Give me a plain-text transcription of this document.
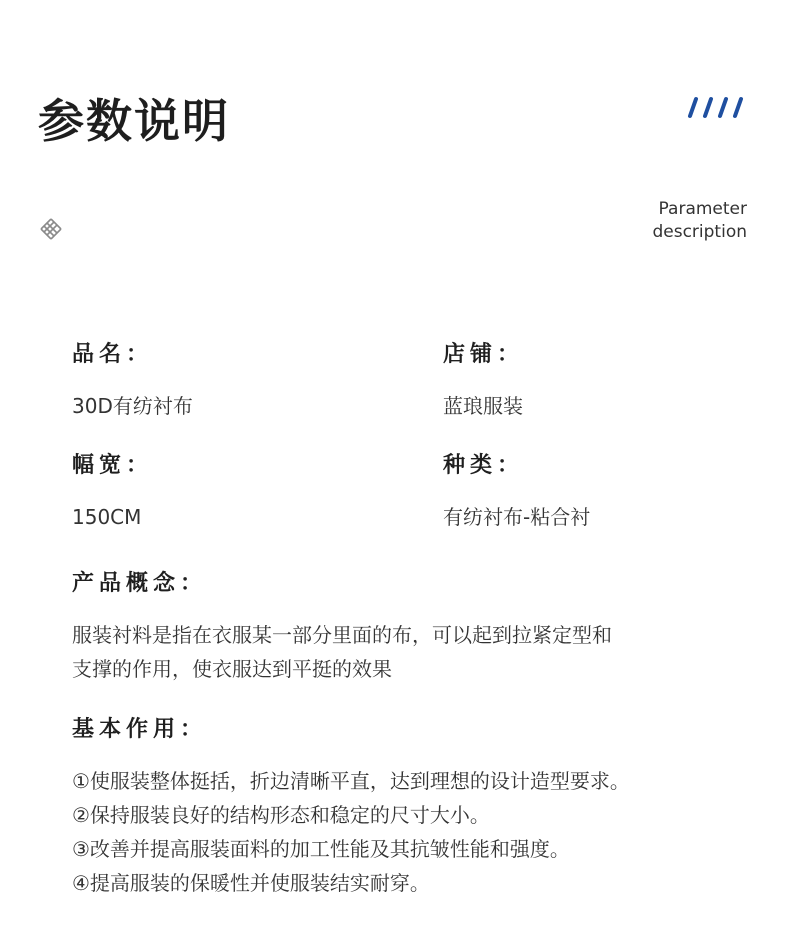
参数说明
Parameter
description
品名：

30D有纺衬布

店铺：

蓝琅服装

幅宽：

150CM

种类：

有纺衬布-粘合衬

产品概念：
服装衬料是指在衣服某一部分里面的布，可以起到拉紧定型和
支撑的作用，使衣服达到平挺的效果
基本作用：
①使服装整体挺括，折边清晰平直，达到理想的设计造型要求。
②保持服装良好的结构形态和稳定的尺寸大小。
③改善并提高服装面料的加工性能及其抗皱性能和强度。
④提高服装的保暖性并使服装结实耐穿。
